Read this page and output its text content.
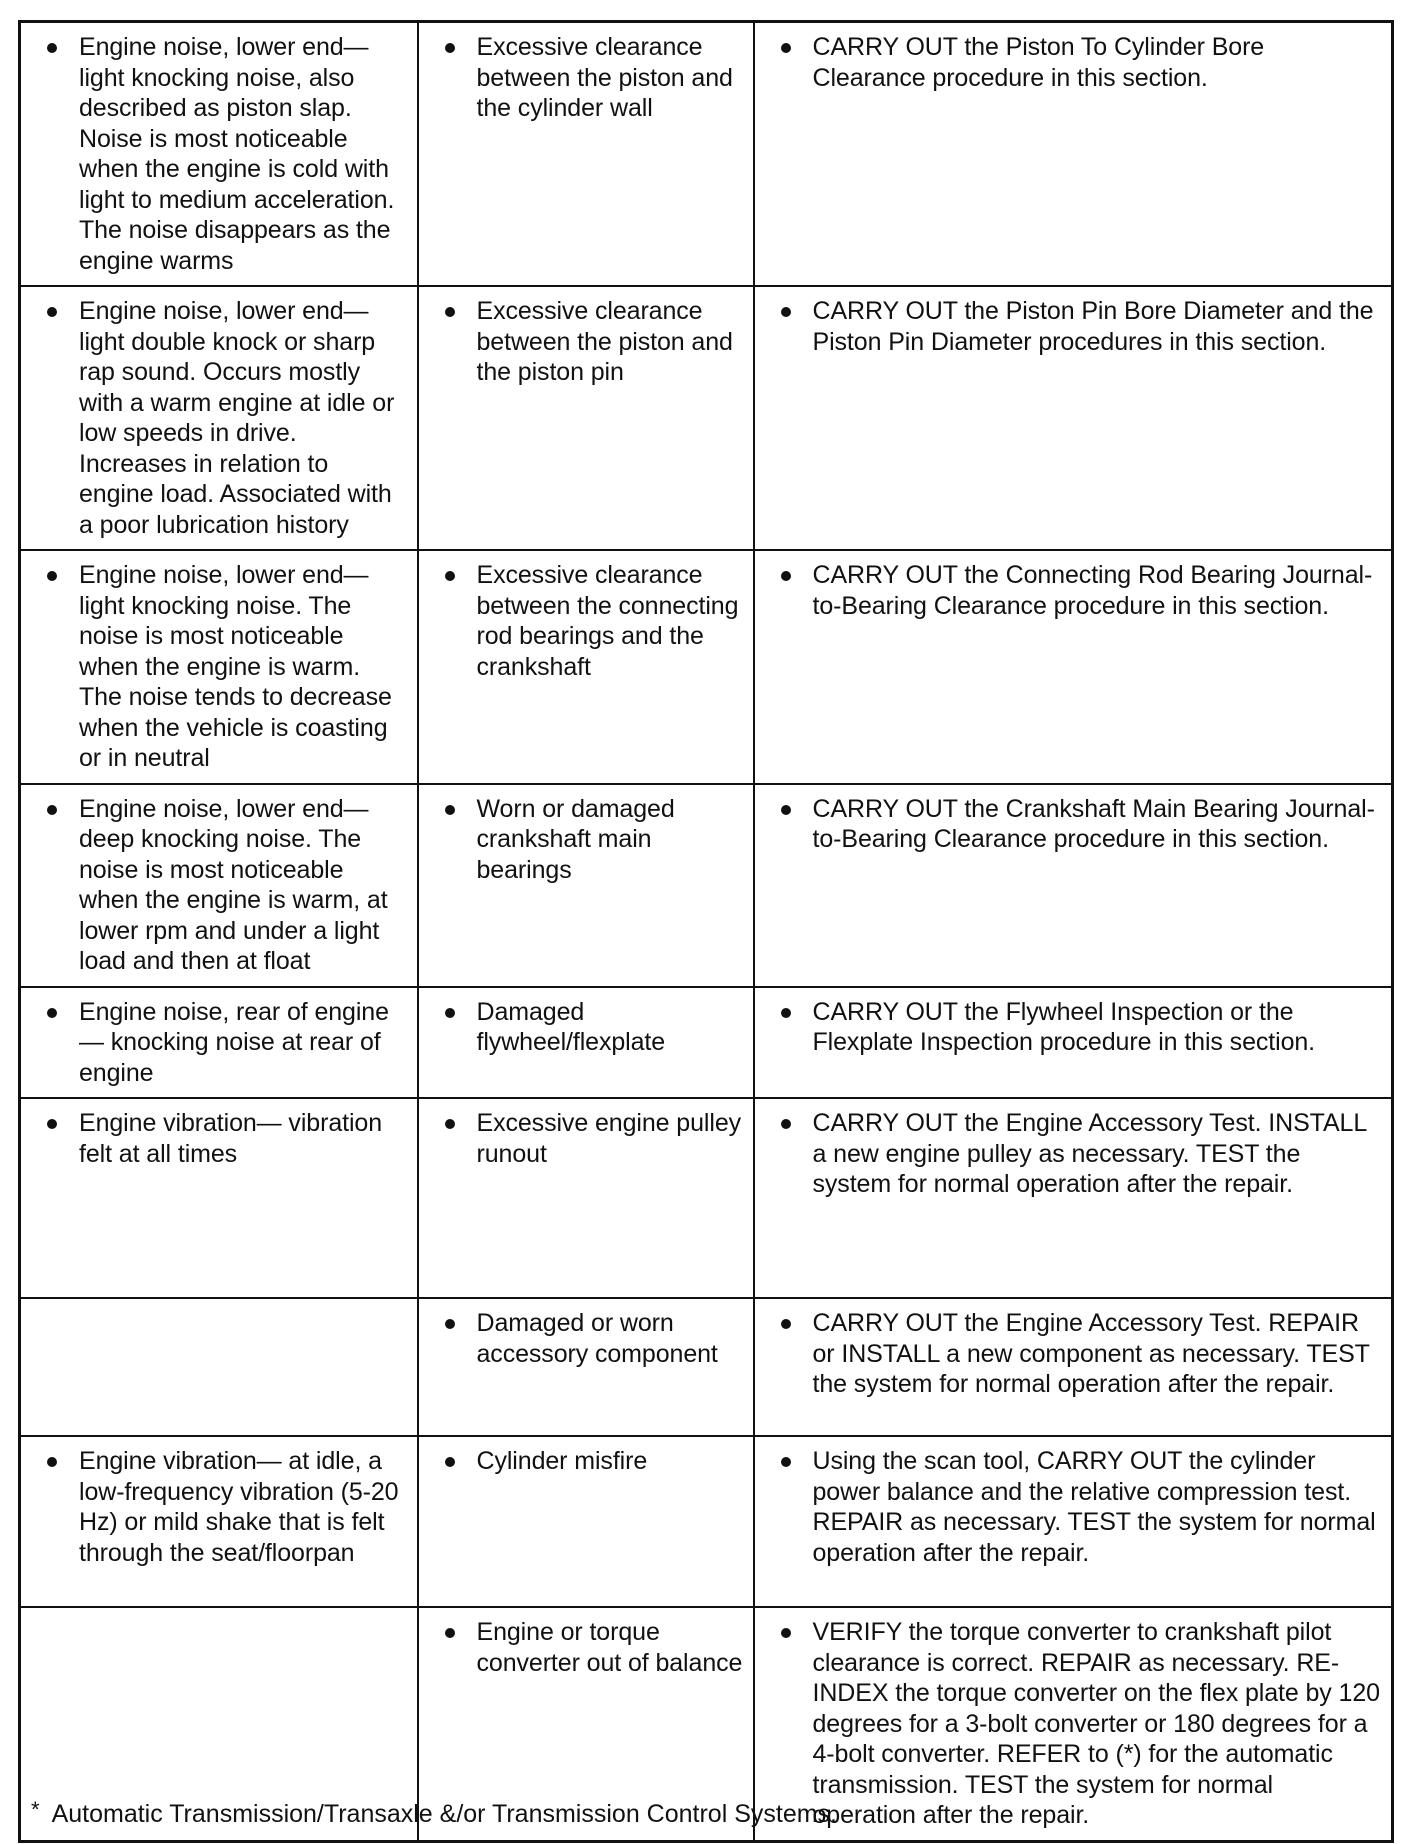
Engine noise, lower end— light knocking noise, also described as piston slap. Noise is most noticeable when the engine is cold with light to medium acceleration. The noise disappears as the engine warms	Excessive clearance between the piston and the cylinder wall	CARRY OUT the Piston To Cylinder Bore Clearance procedure in this section.

Engine noise, lower end— light double knock or sharp rap sound. Occurs mostly with a warm engine at idle or low speeds in drive. Increases in relation to engine load. Associated with a poor lubrication history	Excessive clearance between the piston and the piston pin	CARRY OUT the Piston Pin Bore Diameter and the Piston Pin Diameter procedures in this section.

Engine noise, lower end— light knocking noise. The noise is most noticeable when the engine is warm. The noise tends to decrease when the vehicle is coasting or in neutral	Excessive clearance between the connecting rod bearings and the crankshaft	CARRY OUT the Connecting Rod Bearing Journal-to-Bearing Clearance procedure in this section.

Engine noise, lower end— deep knocking noise. The noise is most noticeable when the engine is warm, at lower rpm and under a light load and then at float	Worn or damaged crankshaft main bearings	CARRY OUT the Crankshaft Main Bearing Journal-to-Bearing Clearance procedure in this section.

Engine noise, rear of engine— knocking noise at rear of engine	Damaged flywheel/flexplate	CARRY OUT the Flywheel Inspection or the Flexplate Inspection procedure in this section.

Engine vibration— vibration felt at all times	Excessive engine pulley runout	CARRY OUT the Engine Accessory Test. INSTALL a new engine pulley as necessary. TEST the system for normal operation after the repair.

	Damaged or worn accessory component	CARRY OUT the Engine Accessory Test. REPAIR or INSTALL a new component as necessary. TEST the system for normal operation after the repair.

Engine vibration— at idle, a low-frequency vibration (5-20 Hz) or mild shake that is felt through the seat/floorpan	Cylinder misfire	Using the scan tool, CARRY OUT the cylinder power balance and the relative compression test. REPAIR as necessary. TEST the system for normal operation after the repair.

	Engine or torque converter out of balance	VERIFY the torque converter to crankshaft pilot clearance is correct. REPAIR as necessary. RE-INDEX the torque converter on the flex plate by 120 degrees for a 3-bolt converter or 180 degrees for a 4-bolt converter. REFER to (*) for the automatic transmission. TEST the system for normal operation after the repair.
* Automatic Transmission/Transaxle &/or Transmission Control Systems.
